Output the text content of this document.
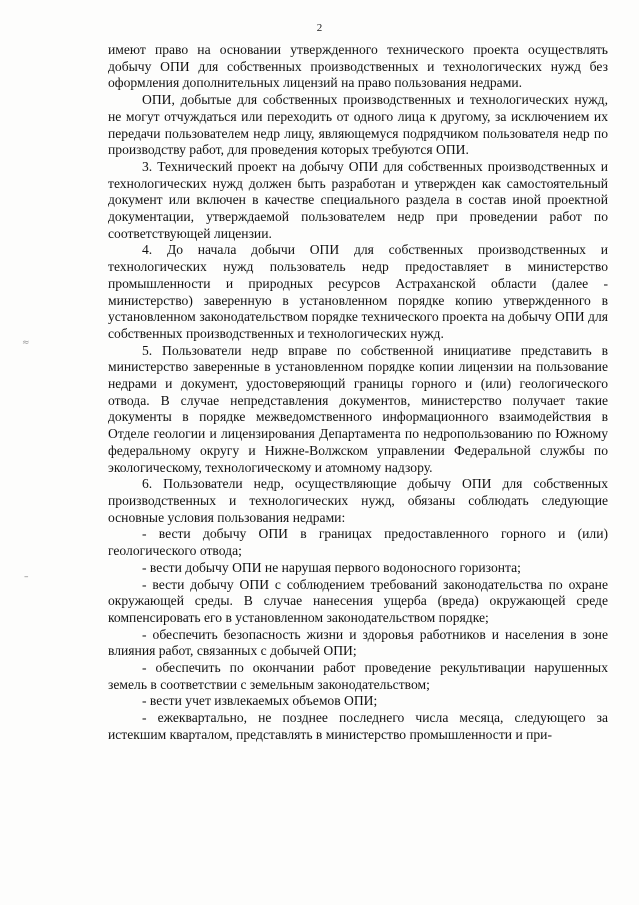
2
≈
–

имеют право на основании утвержденного технического проекта осуществлять добычу ОПИ для собственных производственных и технологических нужд без оформления дополнительных лицензий на право пользования недрами.

ОПИ, добытые для собственных производственных и технологических нужд, не могут отчуждаться или переходить от одного лица к другому, за исключением их передачи пользователем недр лицу, являющемуся подрядчиком пользователя недр по производству работ, для проведения которых требуются ОПИ.

3. Технический проект на добычу ОПИ для собственных производственных и технологических нужд должен быть разработан и утвержден как самостоятельный документ или включен в качестве специального раздела в состав иной проектной документации, утверждаемой пользователем недр при проведении работ по соответствующей лицензии.

4. До начала добычи ОПИ для собственных производственных и технологических нужд пользователь недр предоставляет в министерство промышленности и природных ресурсов Астраханской области (далее - министерство) заверенную в установленном порядке копию утвержденного в установленном законодательством порядке технического проекта на добычу ОПИ для собственных производственных и технологических нужд.

5. Пользователи недр вправе по собственной инициативе представить в министерство заверенные в установленном порядке копии лицензии на пользование недрами и документ, удостоверяющий границы горного и (или) геологического отвода. В случае непредставления документов, министерство получает такие документы в порядке межведомственного информационного взаимодействия в Отделе геологии и лицензирования Департамента по недропользованию по Южному федеральному округу и Нижне-Волжском управлении Федеральной службы по экологическому, технологическому и атомному надзору.

6. Пользователи недр, осуществляющие добычу ОПИ для собственных производственных и технологических нужд, обязаны соблюдать следующие основные условия пользования недрами:

- вести добычу ОПИ в границах предоставленного горного и (или) геологического отвода;

- вести добычу ОПИ не нарушая первого водоносного горизонта;

- вести добычу ОПИ с соблюдением требований законодательства по охране окружающей среды. В случае нанесения ущерба (вреда) окружающей среде компенсировать его в установленном законодательством порядке;

- обеспечить безопасность жизни и здоровья работников и населения в зоне влияния работ, связанных с добычей ОПИ;

- обеспечить по окончании работ проведение рекультивации нарушенных земель в соответствии с земельным законодательством;

- вести учет извлекаемых объемов ОПИ;

- ежеквартально, не позднее последнего числа месяца, следующего за истекшим кварталом, представлять в министерство промышленности и при-
